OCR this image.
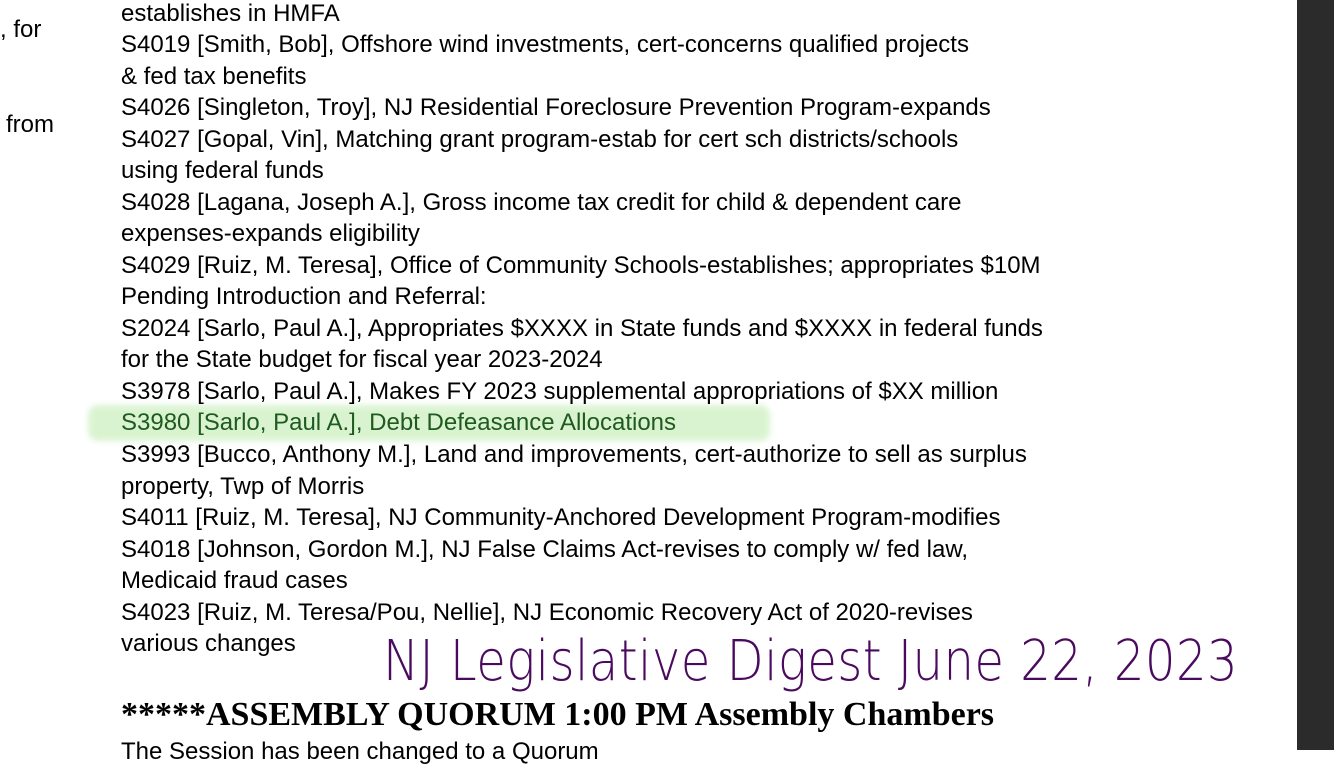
, for
from
establishes in HMFA
S4019 [Smith, Bob], Offshore wind investments, cert-concerns qualified projects
& fed tax benefits
S4026 [Singleton, Troy], NJ Residential Foreclosure Prevention Program-expands
S4027 [Gopal, Vin], Matching grant program-estab for cert sch districts/schools
using federal funds
S4028 [Lagana, Joseph A.], Gross income tax credit for child & dependent care
expenses-expands eligibility
S4029 [Ruiz, M. Teresa], Office of Community Schools-establishes; appropriates $10M
Pending Introduction and Referral:
S2024 [Sarlo, Paul A.], Appropriates $XXXX in State funds and $XXXX in federal funds
for the State budget for fiscal year 2023-2024
S3978 [Sarlo, Paul A.], Makes FY 2023 supplemental appropriations of $XX million
S3980 [Sarlo, Paul A.], Debt Defeasance Allocations
S3993 [Bucco, Anthony M.], Land and improvements, cert-authorize to sell as surplus
property, Twp of Morris
S4011 [Ruiz, M. Teresa], NJ Community-Anchored Development Program-modifies
S4018 [Johnson, Gordon M.], NJ False Claims Act-revises to comply w/ fed law,
Medicaid fraud cases
S4023 [Ruiz, M. Teresa/Pou, Nellie], NJ Economic Recovery Act of 2020-revises
various changes NJ Legislative Digest June 22, 2023
*****ASSEMBLY QUORUM 1:00 PM Assembly Chambers
The Session has been changed to a Quorum
